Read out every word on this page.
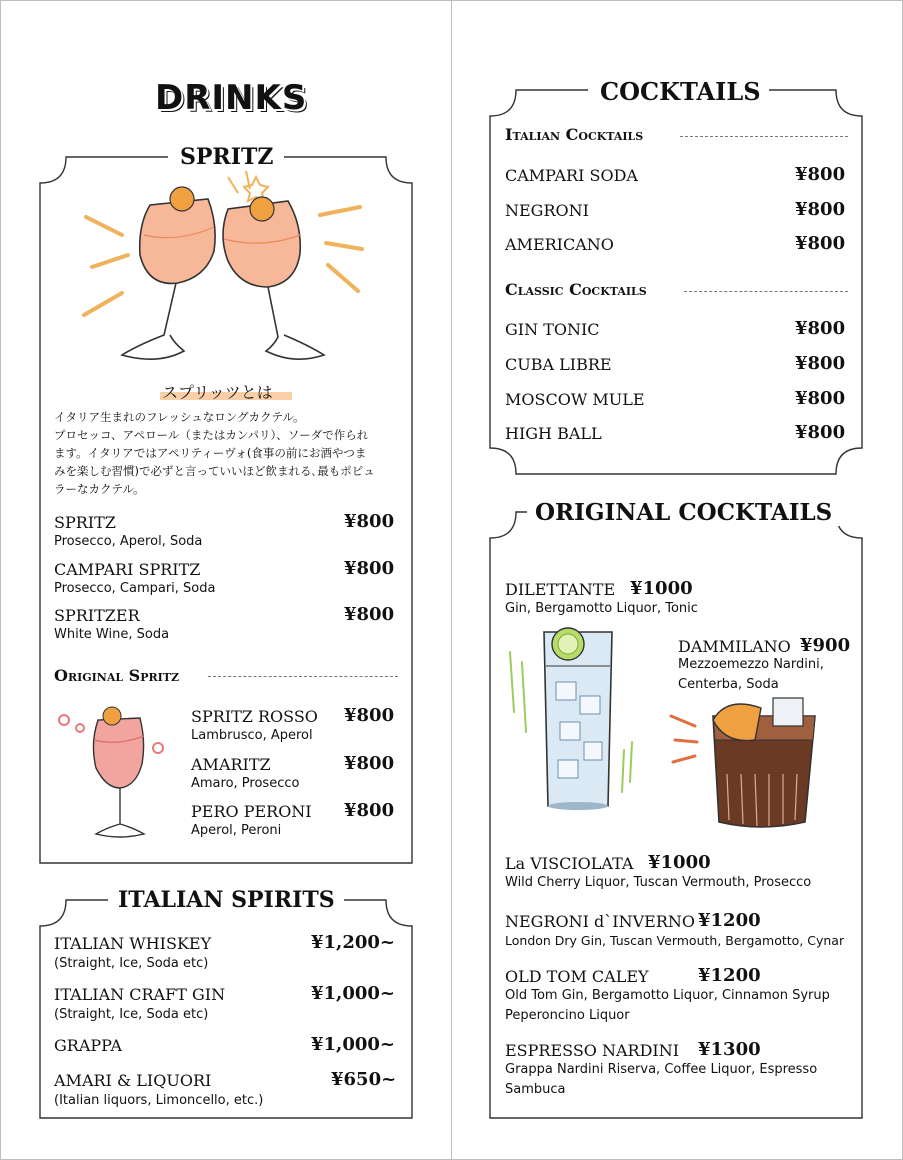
DRINKS
SPRITZ
スプリッツとは
イタリア生まれのフレッシュなロングカクテル。
プロセッコ、アペロール（またはカンパリ）、ソーダで作られ
ます。イタリアではアペリティーヴォ(食事の前にお酒やつま
みを楽しむ習慣)で必ずと言っていいほど飲まれる､最もポピュ
ラーなカクテル。
SPRITZ	¥800
Prosecco, Aperol, Soda
CAMPARI SPRITZ	¥800
Prosecco, Campari, Soda
SPRITZER	¥800
White Wine, Soda
Original Spritz
SPRITZ ROSSO ¥800
Lambrusco, Aperol
AMARITZ	¥800
Amaro, Prosecco
PERO PERONI ¥800
Aperol, Peroni
ITALIAN SPIRITS
ITALIAN WHISKEY	¥1,200~
(Straight, Ice, Soda etc)
ITALIAN CRAFT GIN	¥1,000~
(Straight, Ice, Soda etc)
GRAPPA	¥1,000~
AMARI & LIQUORI	¥650~
(Italian liquors, Limoncello, etc.)
COCKTAILS
Italian Cocktails
CAMPARI SODA	¥800
NEGRONI	¥800
AMERICANO	¥800
Classic Cocktails
GIN TONIC	¥800
CUBA LIBRE	¥800
MOSCOW MULE	¥800
HIGH BALL	¥800
ORIGINAL COCKTAILS
DILETTANTE ¥1000
Gin, Bergamotto Liquor, Tonic
DAMMILANO ¥900
Mezzoemezzo Nardini,
Centerba, Soda
La VISCIOLATA ¥1000
Wild Cherry Liquor, Tuscan Vermouth, Prosecco
NEGRONI d`INVERNO ¥1200
London Dry Gin, Tuscan Vermouth, Bergamotto, Cynar
OLD TOM CALEY	¥1200
Old Tom Gin, Bergamotto Liquor, Cinnamon Syrup
Peperoncino Liquor
ESPRESSO NARDINI ¥1300
Grappa Nardini Riserva, Coffee Liquor, Espresso
Sambuca
